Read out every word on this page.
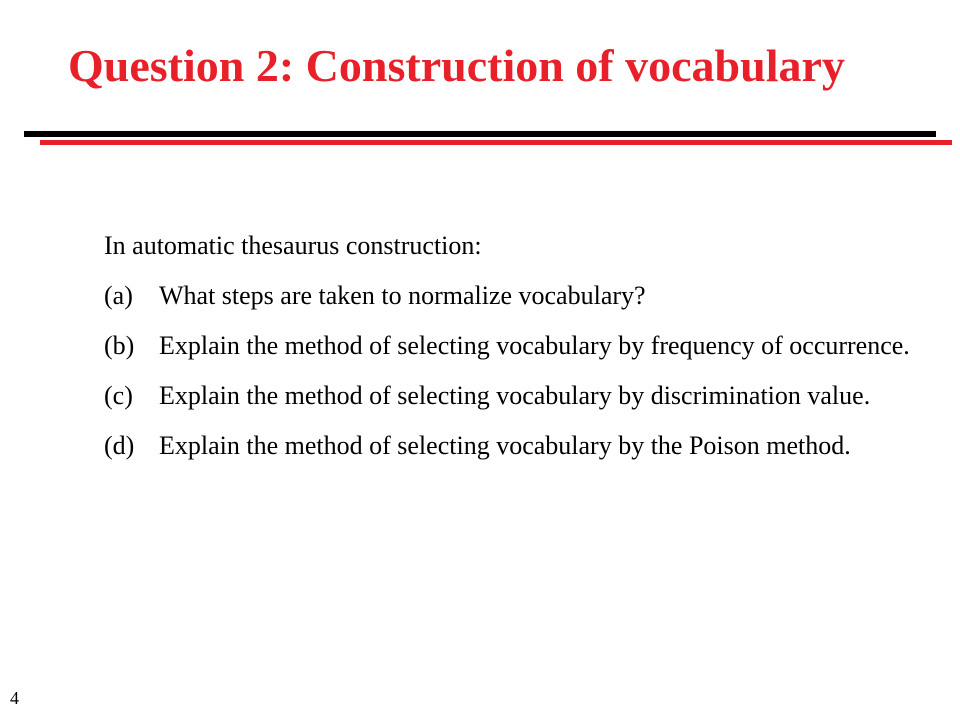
Question 2: Construction of vocabulary

In automatic thesaurus construction:

(a)	What steps are taken to normalize vocabulary?
(b) Explain the method of selecting vocabulary by frequency of occurrence.
(c)	Explain the method of selecting vocabulary by discrimination value.
(d) Explain the method of selecting vocabulary by the Poison method.
4
